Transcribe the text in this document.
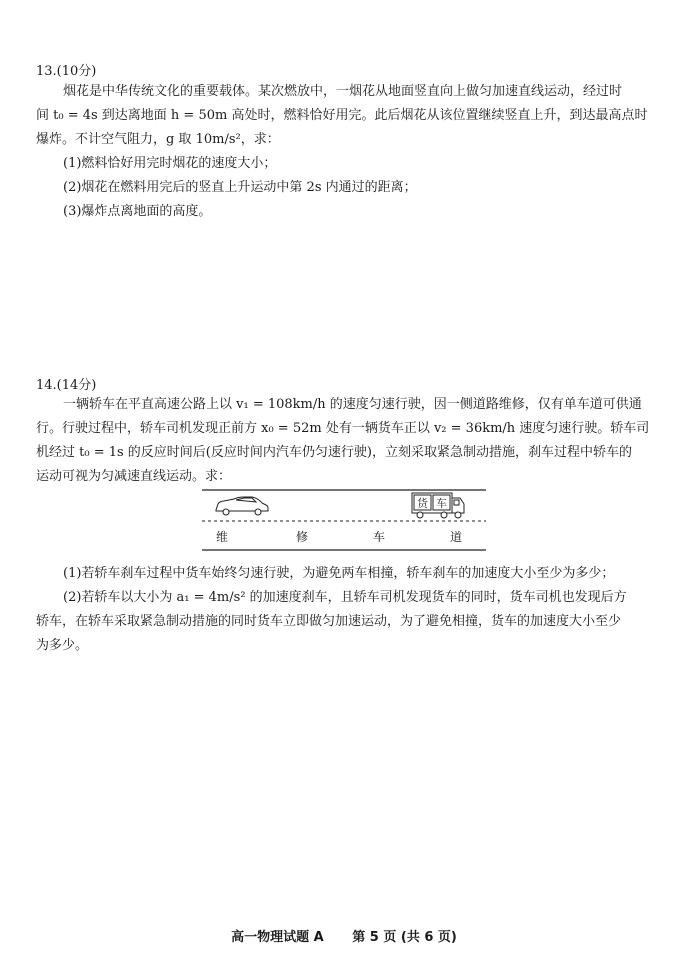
13.(10分)
烟花是中华传统文化的重要载体。某次燃放中，一烟花从地面竖直向上做匀加速直线运动，经过时
间 t₀ = 4s 到达离地面 h = 50m 高处时，燃料恰好用完。此后烟花从该位置继续竖直上升，到达最高点时
爆炸。不计空气阻力，g 取 10m/s²，求：
(1)燃料恰好用完时烟花的速度大小；
(2)烟花在燃料用完后的竖直上升运动中第 2s 内通过的距离；
(3)爆炸点离地面的高度。
14.(14分)
一辆轿车在平直高速公路上以 v₁ = 108km/h 的速度匀速行驶，因一侧道路维修，仅有单车道可供通
行。行驶过程中，轿车司机发现正前方 x₀ = 52m 处有一辆货车正以 v₂ = 36km/h 速度匀速行驶。轿车司
机经过 t₀ = 1s 的反应时间后(反应时间内汽车仍匀速行驶)，立刻采取紧急制动措施，刹车过程中轿车的
运动可视为匀减速直线运动。求：
货 车
维	修	车	道
(1)若轿车刹车过程中货车始终匀速行驶，为避免两车相撞，轿车刹车的加速度大小至少为多少；
(2)若轿车以大小为 a₁ = 4m/s² 的加速度刹车，且轿车司机发现货车的同时，货车司机也发现后方
轿车，在轿车采取紧急制动措施的同时货车立即做匀加速运动，为了避免相撞，货车的加速度大小至少
为多少。
高一物理试题 A 第 5 页 (共 6 页)
